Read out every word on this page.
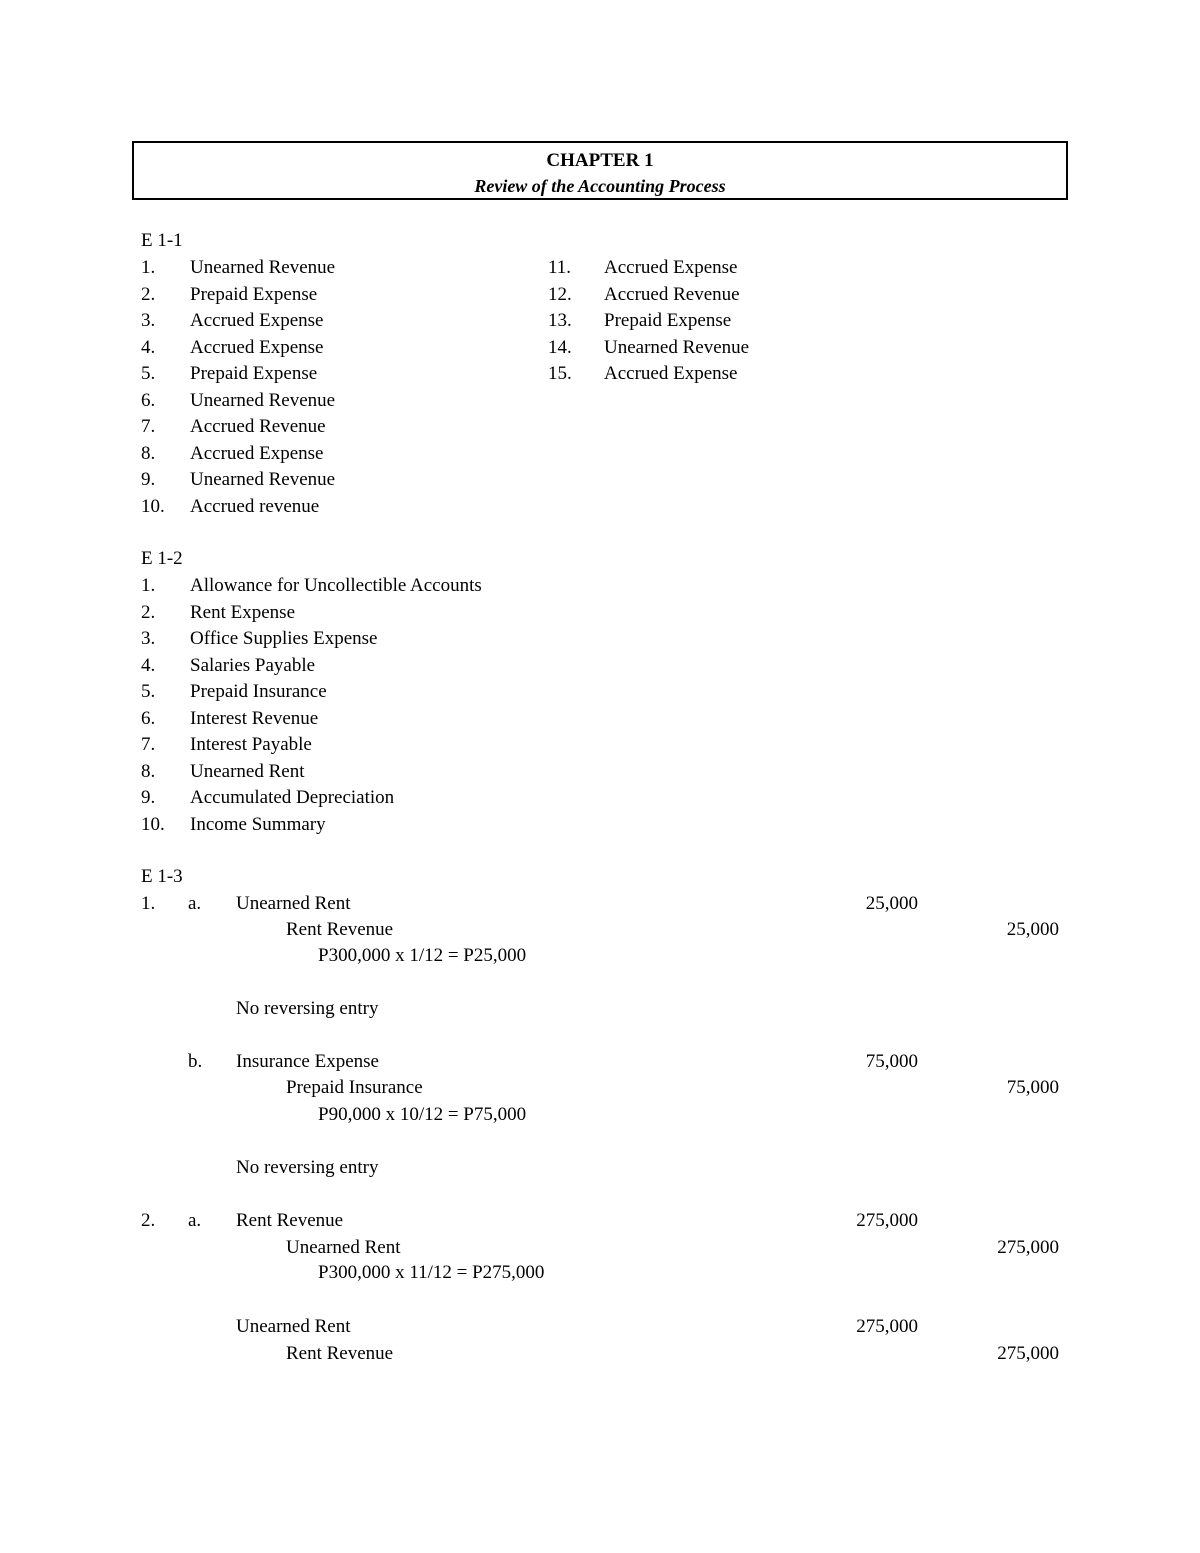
CHAPTER 1
Review of the Accounting Process
E 1-1
1. Unearned Revenue
2. Prepaid Expense
3. Accrued Expense
4. Accrued Expense
5. Prepaid Expense
6. Unearned Revenue
7. Accrued Revenue
8. Accrued Expense
9. Unearned Revenue
10. Accrued revenue
11. Accrued Expense
12. Accrued Revenue
13. Prepaid Expense
14. Unearned Revenue
15. Accrued Expense
E 1-2
1. Allowance for Uncollectible Accounts
2. Rent Expense
3. Office Supplies Expense
4. Salaries Payable
5. Prepaid Insurance
6. Interest Revenue
7. Interest Payable
8. Unearned Rent
9. Accumulated Depreciation
10. Income Summary
E 1-3
1. a. Unearned Rent	25,000
Rent Revenue	25,000
P300,000 x 1/12 = P25,000
No reversing entry
b. Insurance Expense	75,000
Prepaid Insurance	75,000
P90,000 x 10/12 = P75,000
No reversing entry
2. a. Rent Revenue	275,000
Unearned Rent	275,000
P300,000 x 11/12 = P275,000
Unearned Rent	275,000
Rent Revenue	275,000
